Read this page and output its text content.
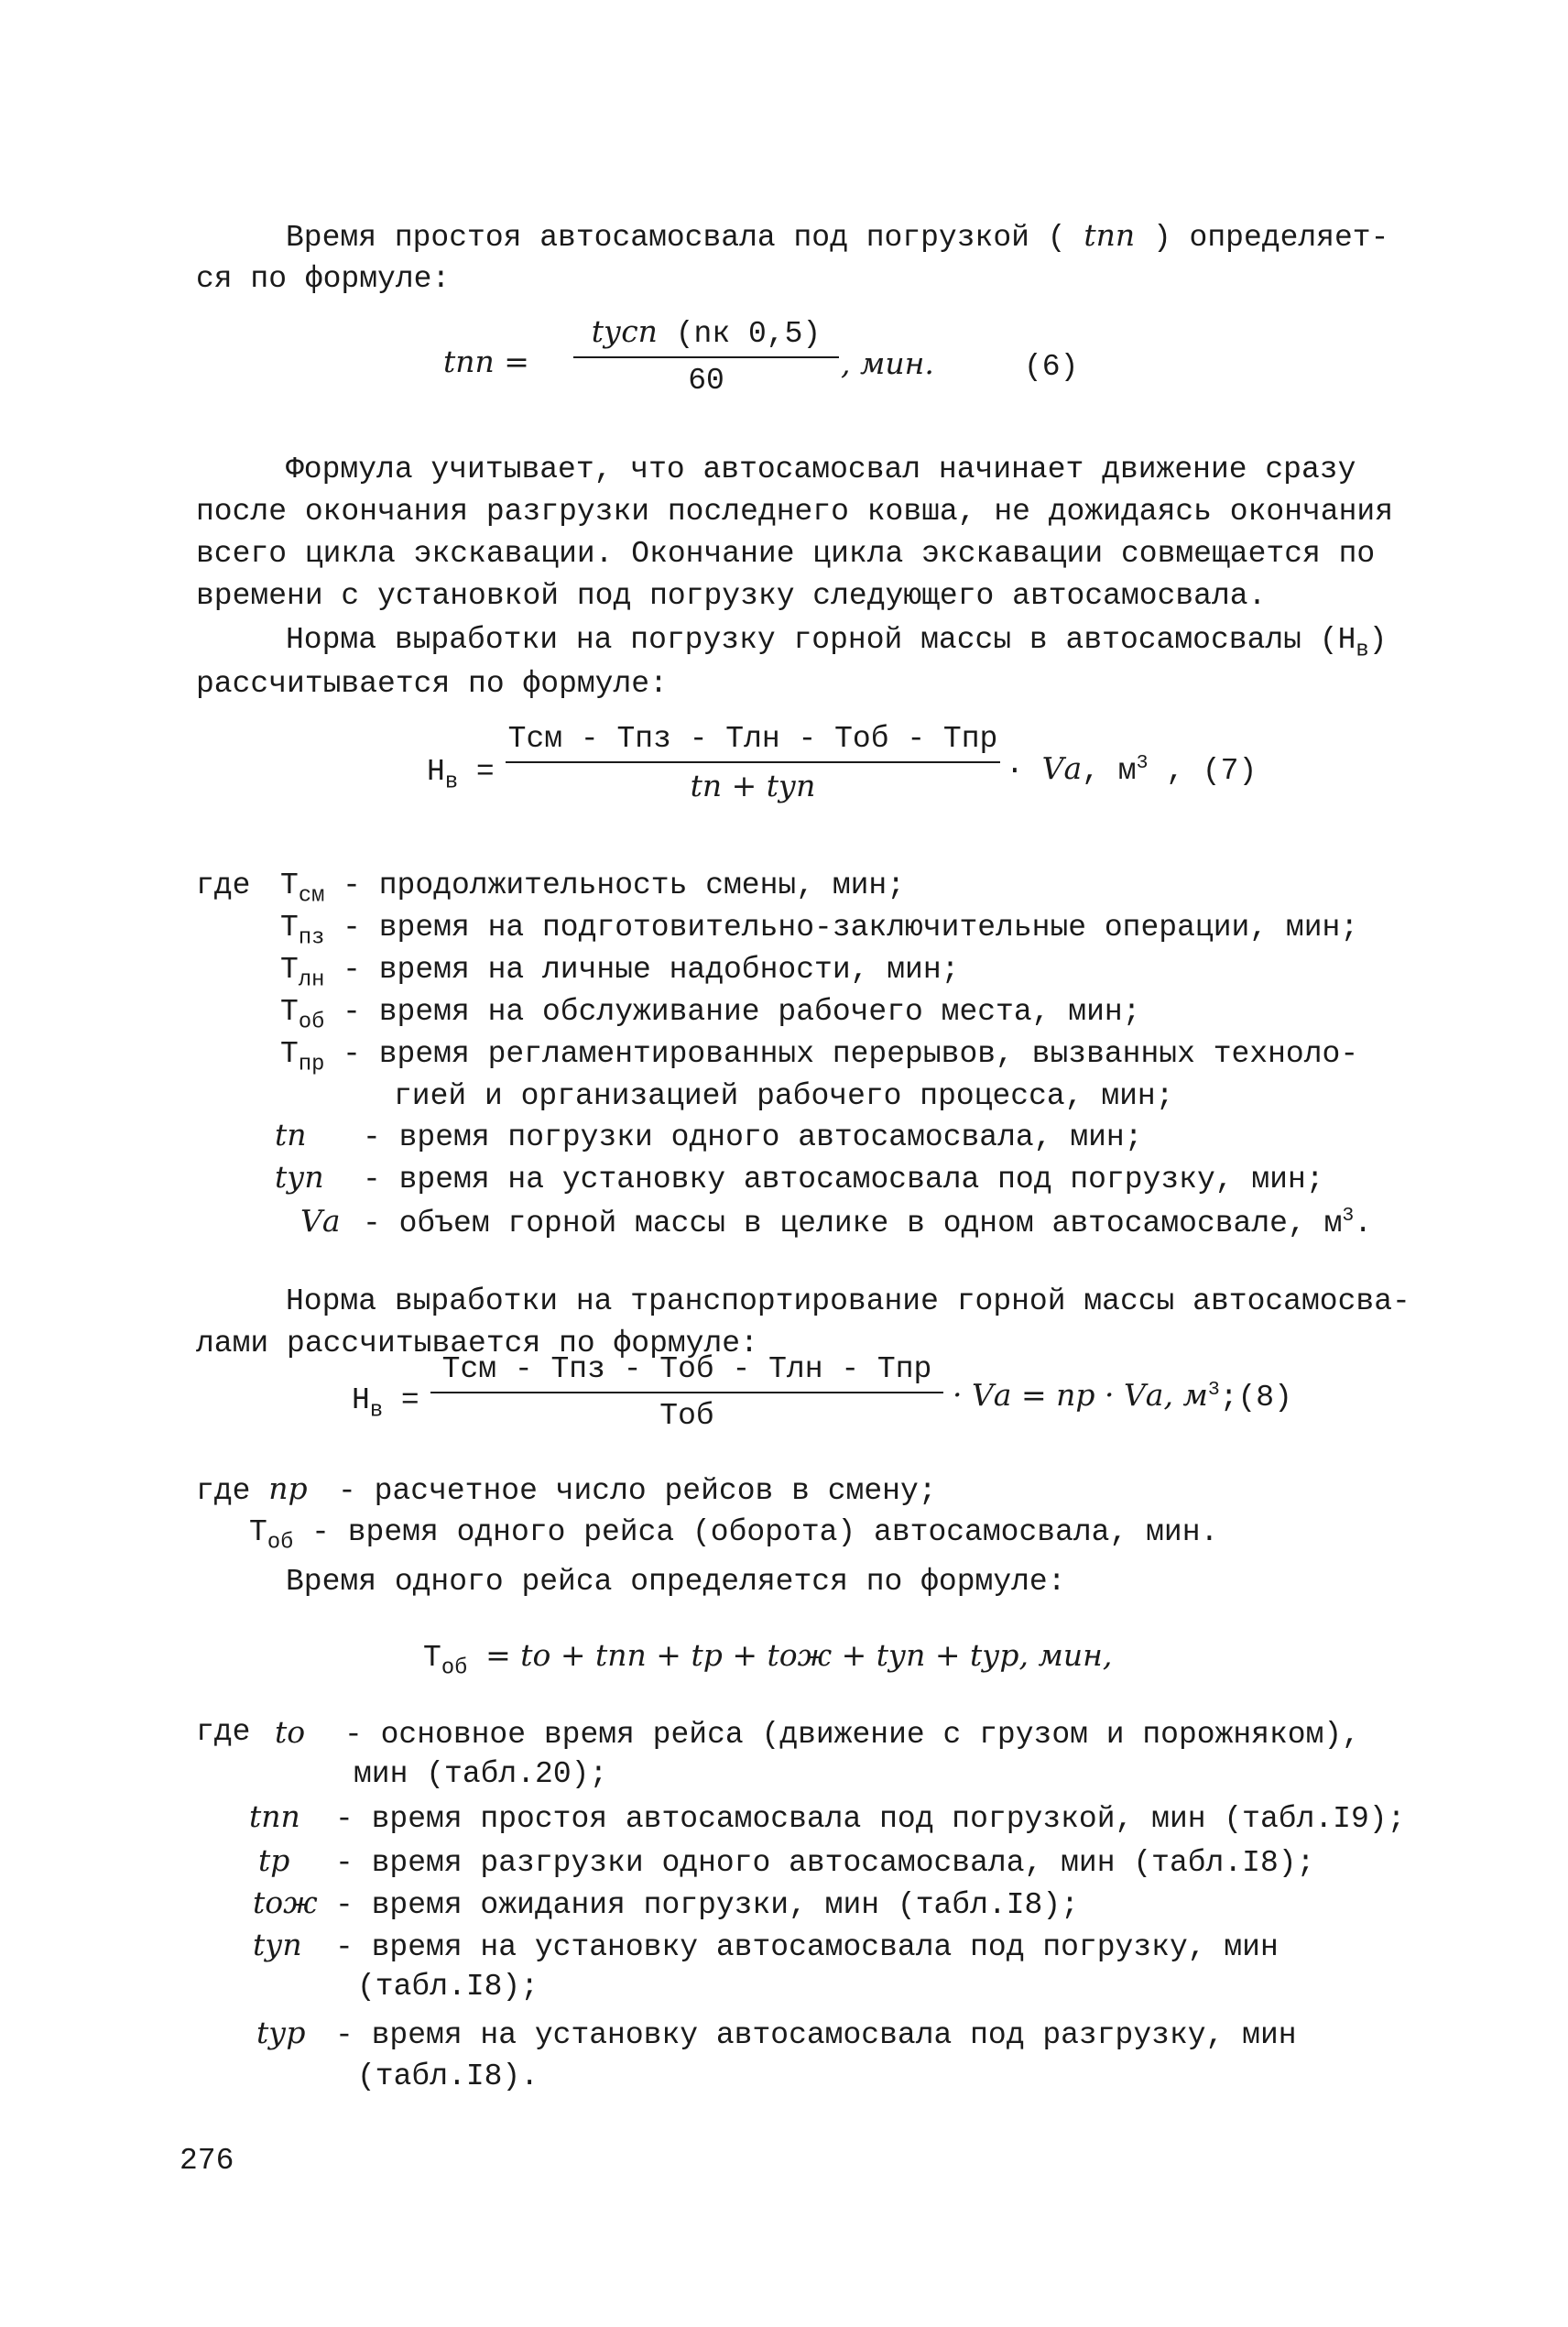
Время простоя автосамосвала под погрузкой ( tпп ) определяет-
ся по формуле:
tпп =
tусп (nк 0,5)
60	, мин.	(6)
Формула учитывает, что автосамосвал начинает движение сразу
после окончания разгрузки последнего ковша, не дожидаясь окончания
всего цикла экскавации. Окончание цикла экскавации совмещается по
времени с установкой под погрузку следующего автосамосвала.
Норма выработки на погрузку горной массы в автосамосвалы $(Н_в)$
рассчитывается по формуле:
$Н_в$ =
Тсм - Тпз - Тлн - Тоб - Тпр
tп + tуп	· Vа, $м^3$ , (7)
где $Т_{см}$ - продолжительность смены, мин;
$Т_{пз}$ - время на подготовительно-заключительные операции, мин;
$Т_{лн}$ - время на личные надобности, мин;
$Т_{об}$ - время на обслуживание рабочего места, мин;
$Т_{пр}$ - время регламентированных перерывов, вызванных техноло-
гией и организацией рабочего процесса, мин;
tп - время погрузки одного автосамосвала, мин;
tуп - время на установку автосамосвала под погрузку, мин;
Vа - объем горной массы в целике в одном автосамосвале, $м^3$.
Норма выработки на транспортирование горной массы автосамосва-
лами рассчитывается по формуле:
$Н_в$ =
Тсм - Тпз - Тоб - Тлн - Тпр
Тоб
· Vа = nр · Vа, $м^3;(8)$
где nр - расчетное число рейсов в смену;
$Т_{об}$ - время одного рейса (оборота) автосамосвала, мин.
Время одного рейса определяется по формуле:
$Т_{об}$ = tо + tпп + tр + tож + tуп + tур, мин,
где tо - основное время рейса (движение с грузом и порожняком),
мин (табл.20);
tпп - время простоя автосамосвала под погрузкой, мин (табл.I9);
tр - время разгрузки одного автосамосвала, мин (табл.I8);
tож - время ожидания погрузки, мин (табл.I8);
tуп - время на установку автосамосвала под погрузку, мин
(табл.I8);
tур - время на установку автосамосвала под разгрузку, мин
(табл.I8).
276
